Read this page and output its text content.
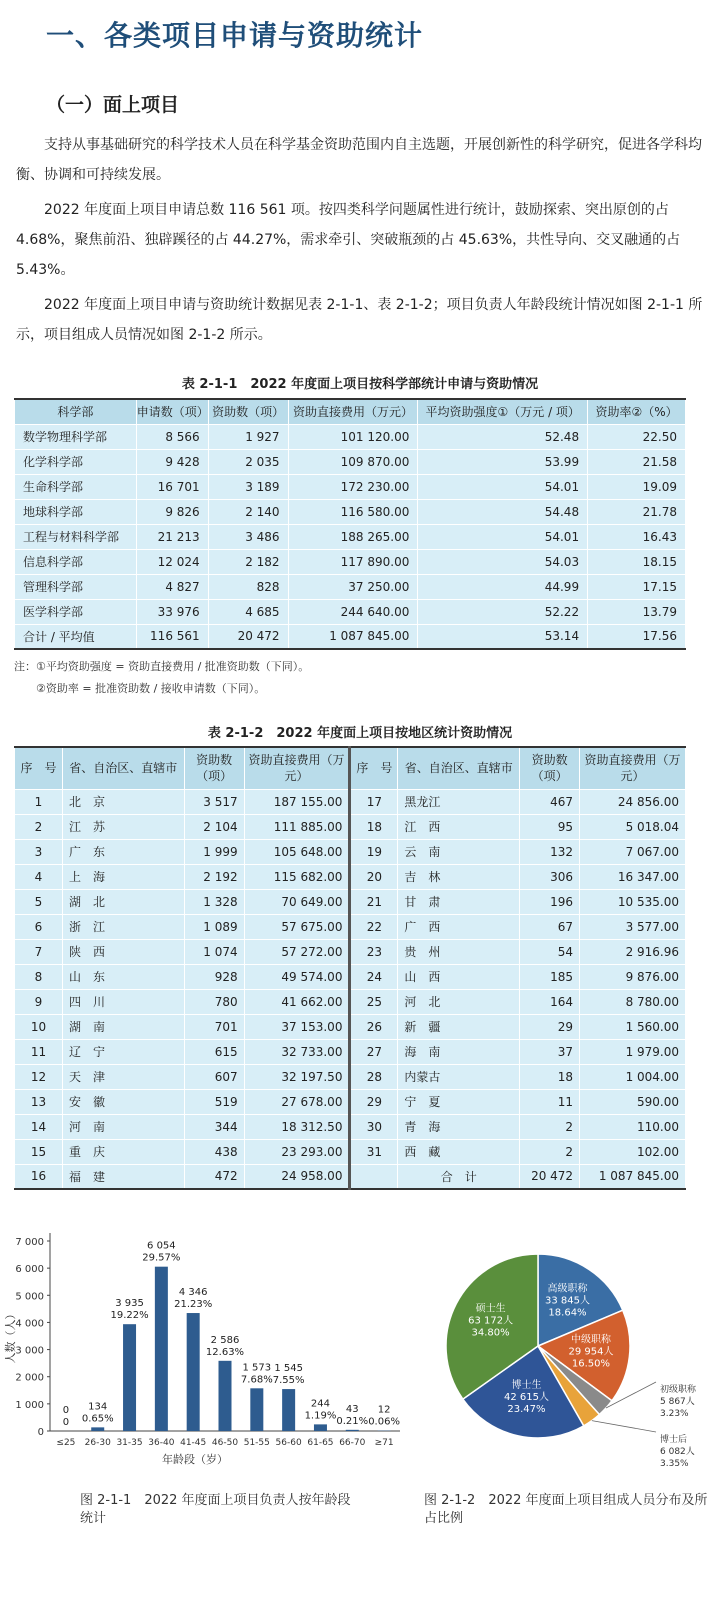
一、各类项目申请与资助统计
（一）面上项目

支持从事基础研究的科学技术人员在科学基金资助范围内自主选题，开展创新性的科学研究，促进各学科均衡、协调和可持续发展。

2022 年度面上项目申请总数 116 561 项。按四类科学问题属性进行统计，鼓励探索、突出原创的占 4.68%，聚焦前沿、独辟蹊径的占 44.27%，需求牵引、突破瓶颈的占 45.63%，共性导向、交叉融通的占 5.43%。

2022 年度面上项目申请与资助统计数据见表 2-1-1、表 2-1-2；项目负责人年龄段统计情况如图 2-1-1 所示，项目组成人员情况如图 2-1-2 所示。

表 2-1-1　2022 年度面上项目按科学部统计申请与资助情况
科学部	申请数（项）	资助数（项）	资助直接费用（万元）	平均资助强度①（万元 / 项）	资助率②（%）
数学物理科学部	8 566	1 927	101 120.00	52.48	22.50
化学科学部	9 428	2 035	109 870.00	53.99	21.58
生命科学部	16 701	3 189	172 230.00	54.01	19.09
地球科学部	9 826	2 140	116 580.00	54.48	21.78
工程与材料科学部	21 213	3 486	188 265.00	54.01	16.43
信息科学部	12 024	2 182	117 890.00	54.03	18.15
管理科学部	4 827	828	37 250.00	44.99	17.15
医学科学部	33 976	4 685	244 640.00	52.22	13.79
合计 / 平均值	116 561	20 472	1 087 845.00	53.14	17.56
注：①平均资助强度 = 资助直接费用 / 批准资助数（下同）。
②资助率 = 批准资助数 / 接收申请数（下同）。
表 2-1-2　2022 年度面上项目按地区统计资助情况
序　号	省、自治区、直辖市	资助数（项）	资助直接费用（万元）	序　号	省、自治区、直辖市	资助数（项）	资助直接费用（万元）
1	北　京	3 517	187 155.00	17	黑龙江	467	24 856.00
2	江　苏	2 104	111 885.00	18	江　西	95	5 018.04
3	广　东	1 999	105 648.00	19	云　南	132	7 067.00
4	上　海	2 192	115 682.00	20	吉　林	306	16 347.00
5	湖　北	1 328	70 649.00	21	甘　肃	196	10 535.00
6	浙　江	1 089	57 675.00	22	广　西	67	3 577.00
7	陕　西	1 074	57 272.00	23	贵　州	54	2 916.96
8	山　东	928	49 574.00	24	山　西	185	9 876.00
9	四　川	780	41 662.00	25	河　北	164	8 780.00
10	湖　南	701	37 153.00	26	新　疆	29	1 560.00
11	辽　宁	615	32 733.00	27	海　南	37	1 979.00
12	天　津	607	32 197.50	28	内蒙古	18	1 004.00
13	安　徽	519	27 678.00	29	宁　夏	11	590.00
14	河　南	344	18 312.50	30	青　海	2	110.00
15	重　庆	438	23 293.00	31	西　藏	2	102.00
16	福　建	472	24 958.00		合　计	20 472	1 087 845.00
0
1 000
2 000
3 000
4 000
5 000
6 000
7 000
人数（人）
0
0
≤25
134
0.65%
26-30
3 935
19.22%
31-35
6 054
29.57%
36-40
4 346
21.23%
41-45
2 586
12.63%
46-50
1 573
7.68%
51-55
1 545
7.55%
56-60
244
1.19%
61-65
43
0.21%
66-70
12
0.06%
≥71
年龄段（岁）
高级职称
33 845人
18.64%
中级职称
29 954人
16.50%
初级职称
5 867人
3.23%
博士后
6 082人
3.35%
博士生
42 615人
23.47%
硕士生
63 172人
34.80%
图 2-1-1　2022 年度面上项目负责人按年龄段统计
图 2-1-2　2022 年度面上项目组成人员分布及所占比例
